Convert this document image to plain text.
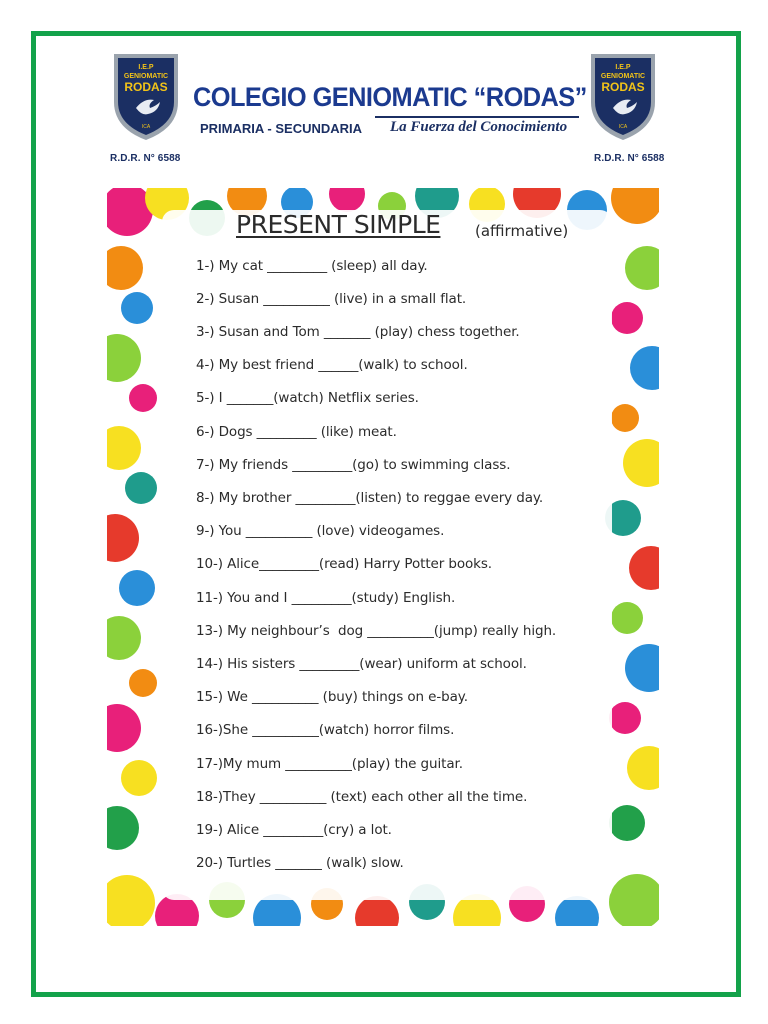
I.E.P
GENIOMATIC
RODAS
ICA
R.D.R. N° 6588
I.E.P
GENIOMATIC
RODAS
ICA
R.D.R. N° 6588
COLEGIO GENIOMATIC “RODAS”
PRIMARIA - SECUNDARIA La Fuerza del Conocimiento
PRESENT SIMPLE (affirmative)
1-) My cat _________ (sleep) all day.
2-) Susan __________ (live) in a small flat.
3-) Susan and Tom _______ (play) chess together.
4-) My best friend ______(walk) to school.
5-) I _______(watch) Netflix series.
6-) Dogs _________ (like) meat.
7-) My friends _________(go) to swimming class.
8-) My brother _________(listen) to reggae every day.
9-) You __________ (love) videogames.
10-) Alice_________(read) Harry Potter books.
11-) You and I _________(study) English.
13-) My neighbour’s  dog __________(jump) really high.
14-) His sisters _________(wear) uniform at school.
15-) We __________ (buy) things on e-bay.
16-)She __________(watch) horror films.
17-)My mum __________(play) the guitar.
18-)They __________ (text) each other all the time.
19-) Alice _________(cry) a lot.
20-) Turtles _______ (walk) slow.
